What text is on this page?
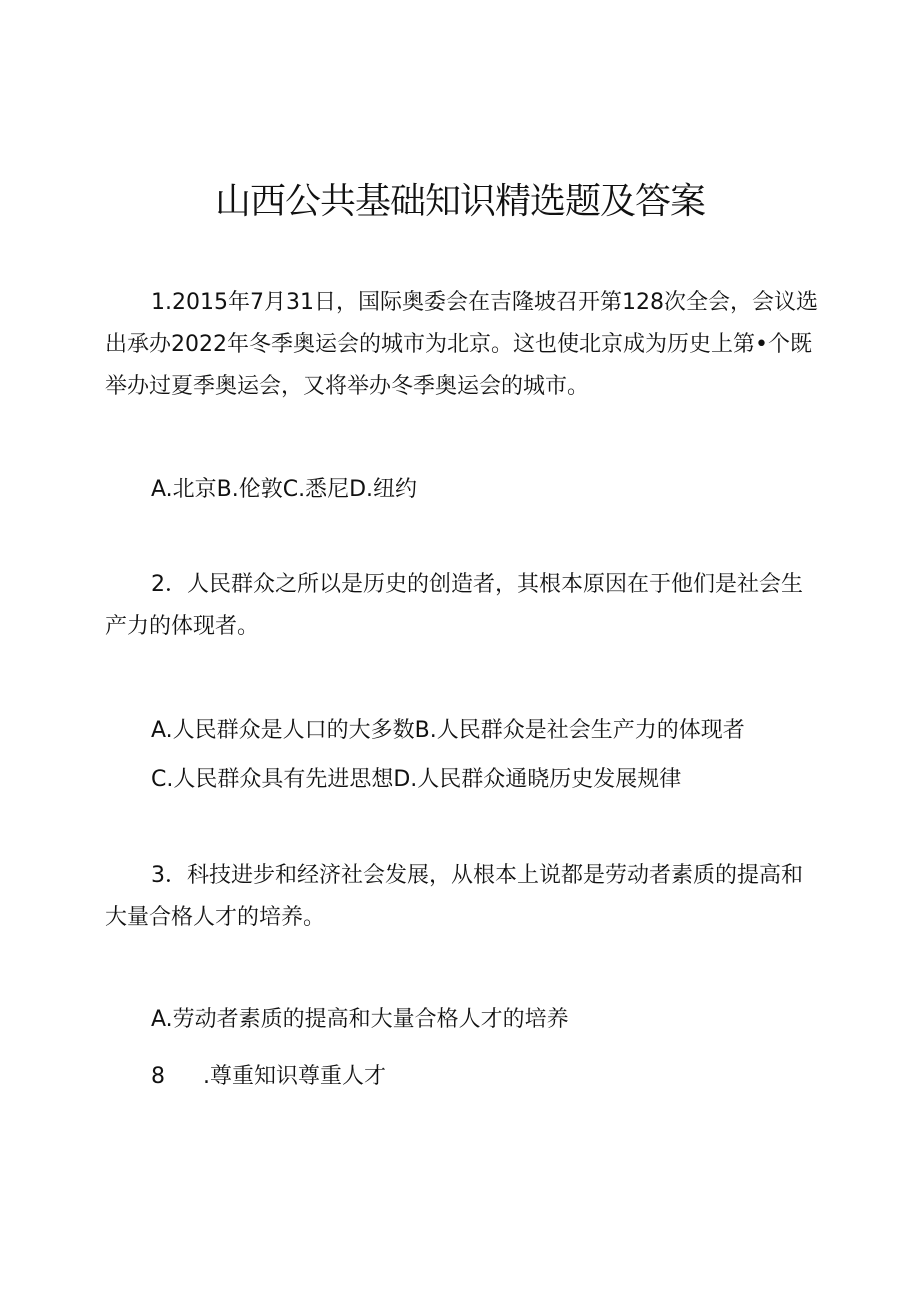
山西公共基础知识精选题及答案

1.2015年7月31日，国际奥委会在吉隆坡召开第128次全会，会议选出承办2022年冬季奥运会的城市为北京。这也使北京成为历史上第•个既举办过夏季奥运会，又将举办冬季奥运会的城市。

A.北京B.伦敦C.悉尼D.纽约

2．人民群众之所以是历史的创造者，其根本原因在于他们是社会生产力的体现者。

A.人民群众是人口的大多数B.人民群众是社会生产力的体现者

C.人民群众具有先进思想D.人民群众通晓历史发展规律

3．科技进步和经济社会发展，从根本上说都是劳动者素质的提高和大量合格人才的培养。

A.劳动者素质的提高和大量合格人才的培养

8 .尊重知识尊重人才
